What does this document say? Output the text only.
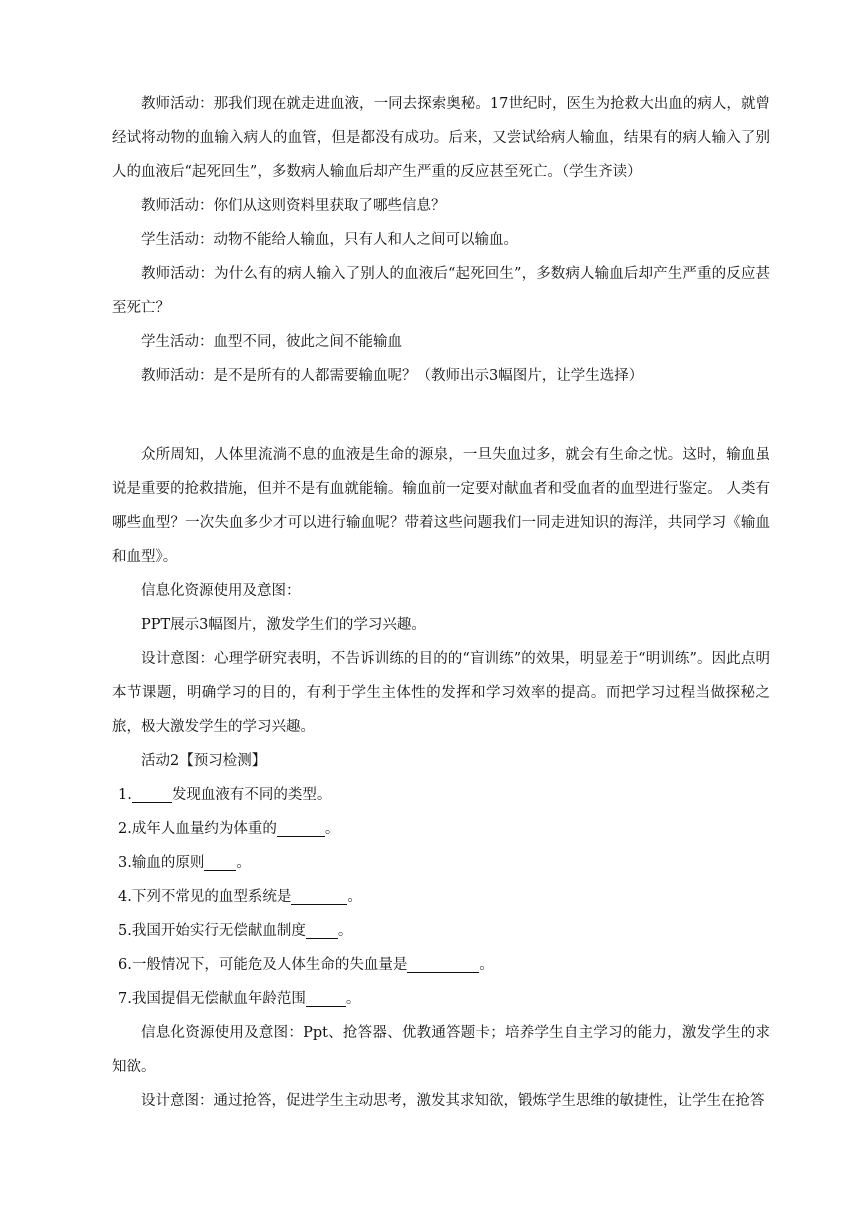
教师活动：那我们现在就走进血液，一同去探索奥秘。17世纪时，医生为抢救大出血的病人，就曾经试将动物的血输入病人的血管，但是都没有成功。后来，又尝试给病人输血，结果有的病人输入了别人的血液后“起死回生”，多数病人输血后却产生严重的反应甚至死亡。（学生齐读）

教师活动：你们从这则资料里获取了哪些信息？

学生活动：动物不能给人输血，只有人和人之间可以输血。

教师活动：为什么有的病人输入了别人的血液后“起死回生”，多数病人输血后却产生严重的反应甚至死亡？

学生活动：血型不同，彼此之间不能输血

教师活动：是不是所有的人都需要输血呢？（教师出示3幅图片，让学生选择）

众所周知，人体里流淌不息的血液是生命的源泉，一旦失血过多，就会有生命之忧。这时，输血虽说是重要的抢救措施，但并不是有血就能输。输血前一定要对献血者和受血者的血型进行鉴定。 人类有哪些血型？一次失血多少才可以进行输血呢？带着这些问题我们一同走进知识的海洋，共同学习《输血和血型》。

信息化资源使用及意图：

PPT展示3幅图片，激发学生们的学习兴趣。

设计意图：心理学研究表明，不告诉训练的目的的“盲训练”的效果，明显差于“明训练”。因此点明本节课题，明确学习的目的，有利于学生主体性的发挥和学习效率的提高。而把学习过程当做探秘之旅，极大激发学生的学习兴趣。

活动2【预习检测】

1.	发现血液有不同的类型。

2.成年人血量约为体重的	。

3.输血的原则 。

4.下列不常见的血型系统是	。

5.我国开始实行无偿献血制度 。

6.一般情况下，可能危及人体生命的失血量是	。

7.我国提倡无偿献血年龄范围	。

信息化资源使用及意图：Ppt、抢答器、优教通答题卡；培养学生自主学习的能力，激发学生的求知欲。

设计意图：通过抢答，促进学生主动思考，激发其求知欲，锻炼学生思维的敏捷性，让学生在抢答
